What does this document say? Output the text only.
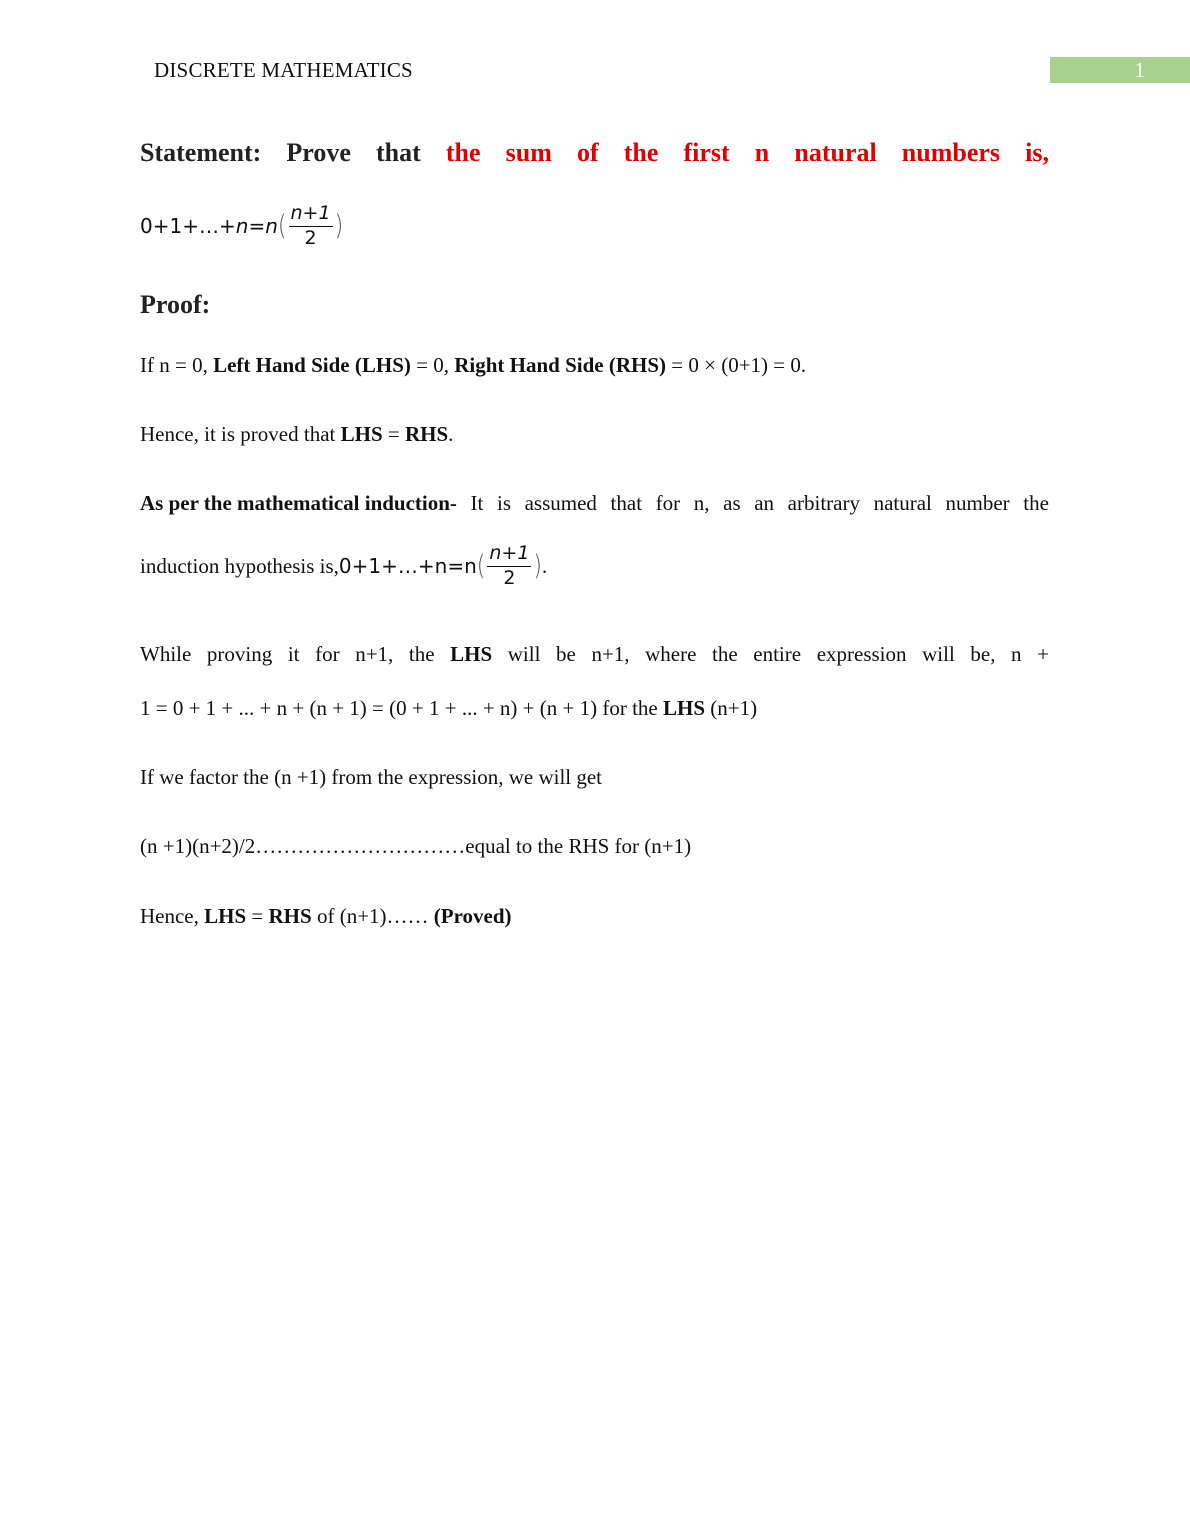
DISCRETE MATHEMATICS	1
Statement: Prove that the sum of the first n natural numbers is,
0 + 1 + … + n = n ( $\frac{n+1}{2}$ )
Proof:
If n = 0, Left Hand Side (LHS) = 0, Right Hand Side (RHS) = 0 × (0+1) = 0.
Hence, it is proved that LHS = RHS.
As per the mathematical induction- It is assumed that for n, as an arbitrary natural number the
induction hypothesis is, 0+1+…+n=n ( $\frac{n+1}{2}$ ) .
While proving it for n+1, the LHS will be n+1, where the entire expression will be, n +
1 = 0 + 1 + ... + n + (n + 1) = (0 + 1 + ... + n) + (n + 1) for the LHS (n+1)
If we factor the (n +1) from the expression, we will get
(n +1)(n+2)/2…………………………equal to the RHS for (n+1)
Hence, LHS = RHS of (n+1)…… (Proved)
